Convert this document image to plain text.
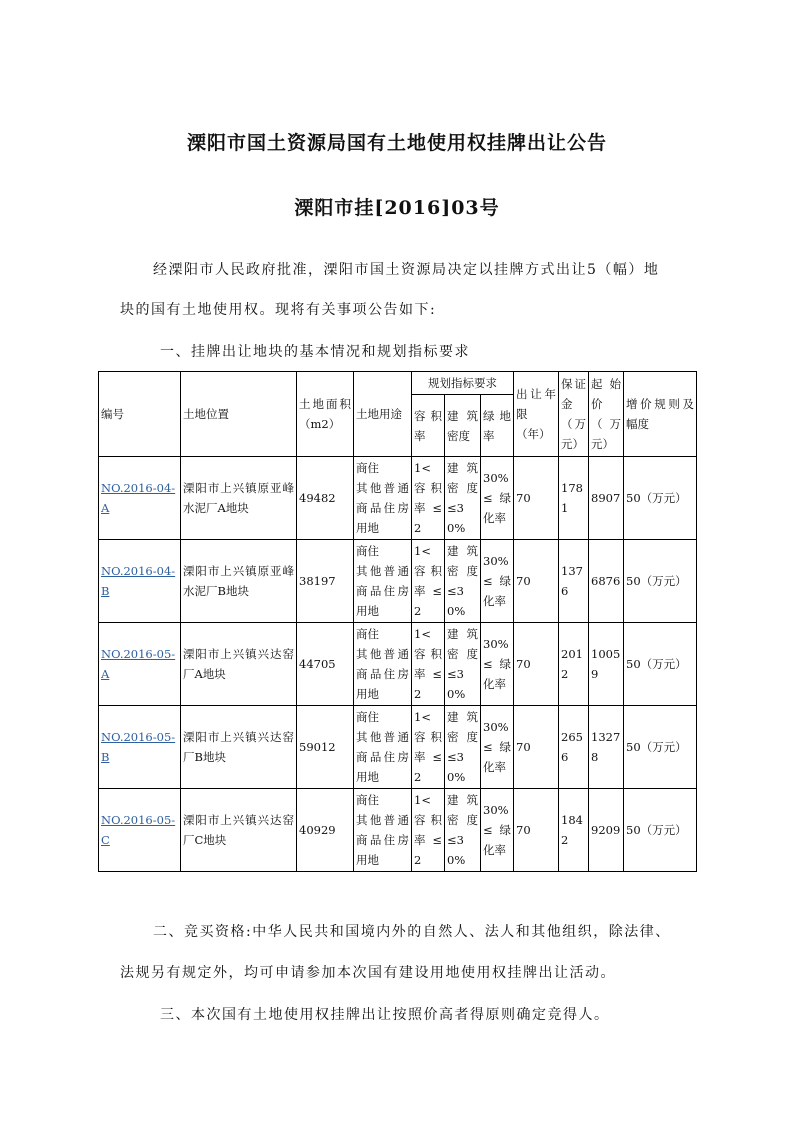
溧阳市国土资源局国有土地使用权挂牌出让公告
溧阳市挂[2016]03号
经溧阳市人民政府批准，溧阳市国土资源局决定以挂牌方式出让5（幅）地
块的国有土地使用权。现将有关事项公告如下:
一、挂牌出让地块的基本情况和规划指标要求
编号	土地位置	土地面积（m2）	土地用途	规划指标要求			出让年限（年）	保证金（万元）	起始价（万元）	增价规则及幅度
				容积率	建筑密度	绿地率				
NO.2016-04-A	溧阳市上兴镇原亚峰水泥厂A地块	49482	商住
其他普通商品住房用地	1<容积率≤2	建筑密度≤30%	30%≤绿化率	70	1781	8907	50（万元）
NO.2016-04-B	溧阳市上兴镇原亚峰水泥厂B地块	38197	商住
其他普通商品住房用地	1<容积率≤2	建筑密度≤30%	30%≤绿化率	70	1376	6876	50（万元）
NO.2016-05-A	溧阳市上兴镇兴达窑厂A地块	44705	商住
其他普通商品住房用地	1<容积率≤2	建筑密度≤30%	30%≤绿化率	70	2012	10059	50（万元）
NO.2016-05-B	溧阳市上兴镇兴达窑厂B地块	59012	商住
其他普通商品住房用地	1<容积率≤2	建筑密度≤30%	30%≤绿化率	70	2656	13278	50（万元）
NO.2016-05-C	溧阳市上兴镇兴达窑厂C地块	40929	商住
其他普通商品住房用地	1<容积率≤2	建筑密度≤30%	30%≤绿化率	70	1842	9209	50（万元）
二、竞买资格:中华人民共和国境内外的自然人、法人和其他组织，除法律、
法规另有规定外，均可申请参加本次国有建设用地使用权挂牌出让活动。
三、本次国有土地使用权挂牌出让按照价高者得原则确定竞得人。
